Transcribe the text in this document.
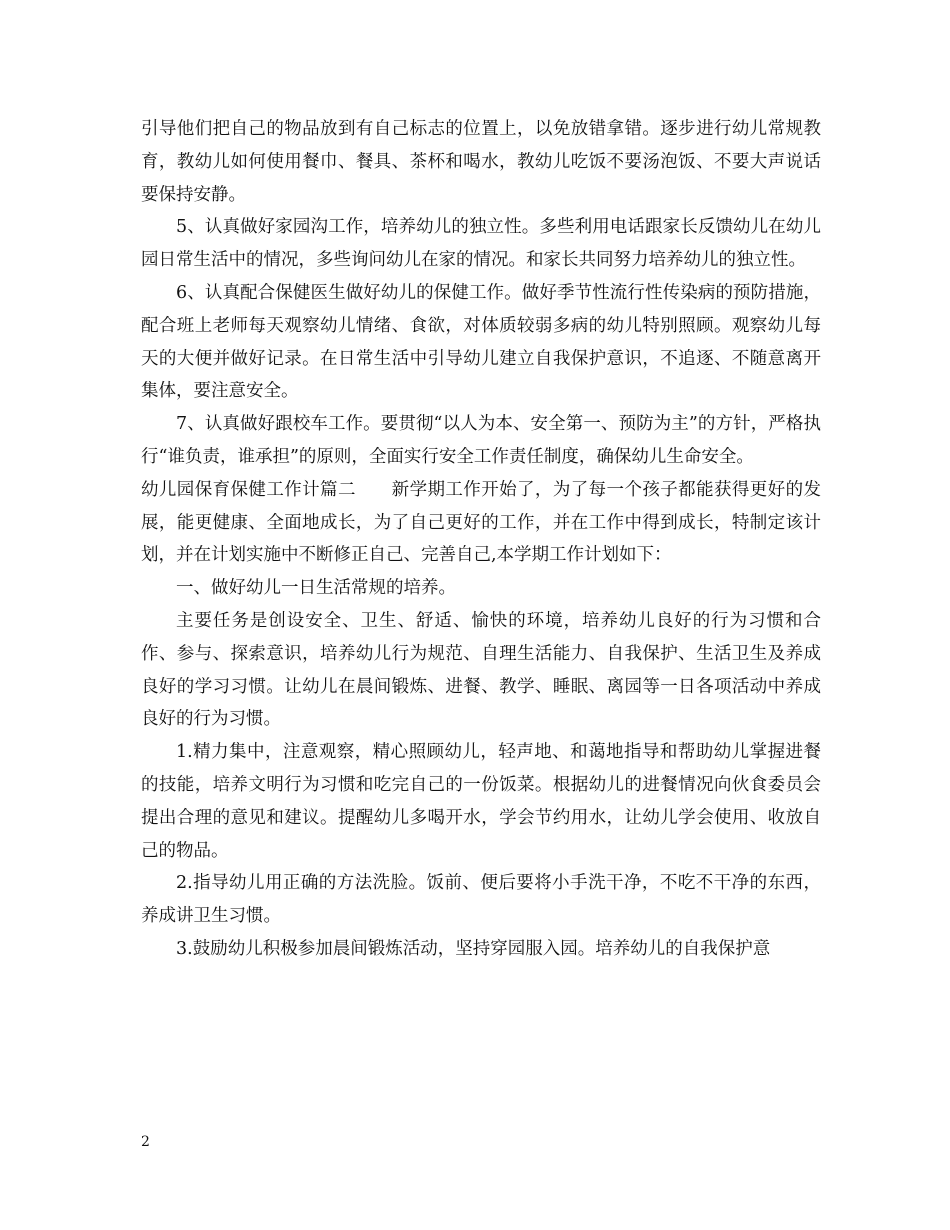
引导他们把自己的物品放到有自己标志的位置上，以免放错拿错。逐步进行幼儿常规教育，教幼儿如何使用餐巾、餐具、茶杯和喝水，教幼儿吃饭不要汤泡饭、不要大声说话要保持安静。

5、认真做好家园沟工作，培养幼儿的独立性。多些利用电话跟家长反馈幼儿在幼儿园日常生活中的情况，多些询问幼儿在家的情况。和家长共同努力培养幼儿的独立性。

6、认真配合保健医生做好幼儿的保健工作。做好季节性流行性传染病的预防措施，配合班上老师每天观察幼儿情绪、食欲，对体质较弱多病的幼儿特别照顾。观察幼儿每天的大便并做好记录。在日常生活中引导幼儿建立自我保护意识，不追逐、不随意离开集体，要注意安全。

7、认真做好跟校车工作。要贯彻“以人为本、安全第一、预防为主”的方针，严格执行“谁负责，谁承担”的原则，全面实行安全工作责任制度，确保幼儿生命安全。

幼儿园保育保健工作计篇二　　新学期工作开始了，为了每一个孩子都能获得更好的发展，能更健康、全面地成长，为了自己更好的工作，并在工作中得到成长，特制定该计划，并在计划实施中不断修正自己、完善自己,本学期工作计划如下：

一、做好幼儿一日生活常规的培养。

主要任务是创设安全、卫生、舒适、愉快的环境，培养幼儿良好的行为习惯和合作、参与、探索意识，培养幼儿行为规范、自理生活能力、自我保护、生活卫生及养成良好的学习习惯。让幼儿在晨间锻炼、进餐、教学、睡眠、离园等一日各项活动中养成良好的行为习惯。

1.精力集中，注意观察，精心照顾幼儿，轻声地、和蔼地指导和帮助幼儿掌握进餐的技能，培养文明行为习惯和吃完自己的一份饭菜。根据幼儿的进餐情况向伙食委员会提出合理的意见和建议。提醒幼儿多喝开水，学会节约用水，让幼儿学会使用、收放自己的物品。

2.指导幼儿用正确的方法洗脸。饭前、便后要将小手洗干净，不吃不干净的东西，养成讲卫生习惯。

3.鼓励幼儿积极参加晨间锻炼活动，坚持穿园服入园。培养幼儿的自我保护意

2
